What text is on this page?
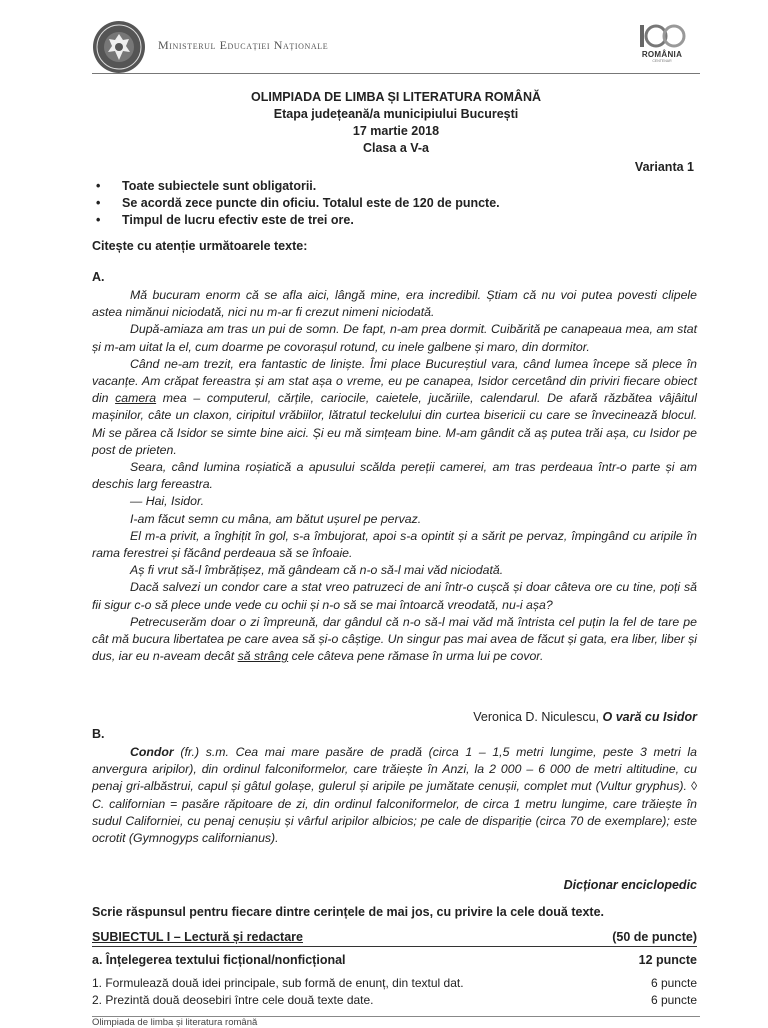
Ministerul Educației Naționale
ROMÂNIA
CENTENAR
OLIMPIADA DE LIMBA ȘI LITERATURA ROMÂNĂ
Etapa județeană/a municipiului București
17 martie 2018
Clasa a V-a
Varianta 1
• Toate subiectele sunt obligatorii.
• Se acordă zece puncte din oficiu. Totalul este de 120 de puncte.
• Timpul de lucru efectiv este de trei ore.
Citește cu atenție următoarele texte:
A.

Mă bucuram enorm că se afla aici, lângă mine, era incredibil. Știam că nu voi putea povesti clipele astea nimănui niciodată, nici nu m-ar fi crezut nimeni niciodată.

După-amiaza am tras un pui de somn. De fapt, n-am prea dormit. Cuibărită pe canapeaua mea, am stat și m-am uitat la el, cum doarme pe covorașul rotund, cu inele galbene și maro, din dormitor.

Când ne-am trezit, era fantastic de liniște. Îmi place Bucureștiul vara, când lumea începe să plece în vacanțe. Am crăpat fereastra și am stat așa o vreme, eu pe canapea, Isidor cercetând din priviri fiecare obiect din camera mea – computerul, cărțile, cariocile, caietele, jucăriile, calendarul. De afară răzbătea vâjâitul mașinilor, câte un claxon, ciripitul vrăbiilor, lătratul teckelului din curtea bisericii cu care se învecinează blocul. Mi se părea că Isidor se simte bine aici. Și eu mă simțeam bine. M-am gândit că aș putea trăi așa, cu Isidor pe post de prieten.

Seara, când lumina roșiatică a apusului scălda pereții camerei, am tras perdeaua într-o parte și am deschis larg fereastra.

— Hai, Isidor.

I-am făcut semn cu mâna, am bătut ușurel pe pervaz.

El m-a privit, a înghițit în gol, s-a îmbujorat, apoi s-a opintit și a sărit pe pervaz, împingând cu aripile în rama ferestrei și făcând perdeaua să se înfoaie.

Aș fi vrut să-l îmbrățișez, mă gândeam că n-o să-l mai văd niciodată.

Dacă salvezi un condor care a stat vreo patruzeci de ani într-o cușcă și doar câteva ore cu tine, poți să fii sigur c-o să plece unde vede cu ochii și n-o să se mai întoarcă vreodată, nu-i așa?

Petrecuserăm doar o zi împreună, dar gândul că n-o să-l mai văd mă întrista cel puțin la fel de tare pe cât mă bucura libertatea pe care avea să și-o câștige. Un singur pas mai avea de făcut și gata, era liber, liber și dus, iar eu n-aveam decât să strâng cele câteva pene rămase în urma lui pe covor.

Veronica D. Niculescu, O vară cu Isidor
B.

Condor (fr.) s.m. Cea mai mare pasăre de pradă (circa 1 – 1,5 metri lungime, peste 3 metri la anvergura aripilor), din ordinul falconiformelor, care trăiește în Anzi, la 2 000 – 6 000 de metri altitudine, cu penaj gri-albăstrui, capul și gâtul golașe, gulerul și aripile pe jumătate cenușii, complet mut (Vultur gryphus). ◊ C. californian = pasăre răpitoare de zi, din ordinul falconiformelor, de circa 1 metru lungime, care trăiește în sudul Californiei, cu penaj cenușiu și vârful aripilor albicios; pe cale de dispariție (circa 70 de exemplare); este ocrotit (Gymnogyps californianus).

Dicționar enciclopedic
Scrie răspunsul pentru fiecare dintre cerințele de mai jos, cu privire la cele două texte.
SUBIECTUL I – Lectură și redactare	(50 de puncte)
a. Înțelegerea textului ficțional/nonficțional	12 puncte
1. Formulează două idei principale, sub formă de enunț, din textul dat.	6 puncte
2. Prezintă două deosebiri între cele două texte date.	6 puncte
Olimpiada de limba și literatura română
